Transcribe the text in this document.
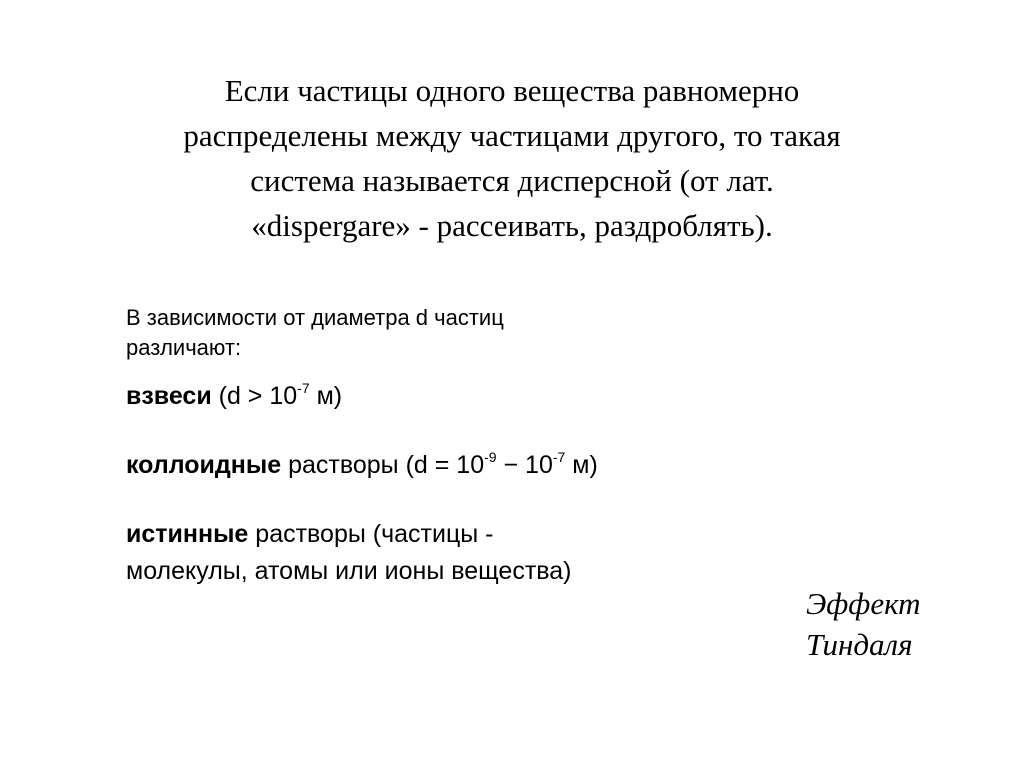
Если частицы одного вещества равномерно
распределены между частицами другого, то такая
система называется дисперсной (от лат.
«dispergare» - рассеивать, раздроблять).
В зависимости от диаметра d частиц
различают:
взвеси ($d > 10^{-7}$ м)
коллоидные растворы ($d = 10^{-9} - 10^{-7}$ м)
истинные растворы (частицы -
молекулы, атомы или ионы вещества)
Эффект
Тиндаля
